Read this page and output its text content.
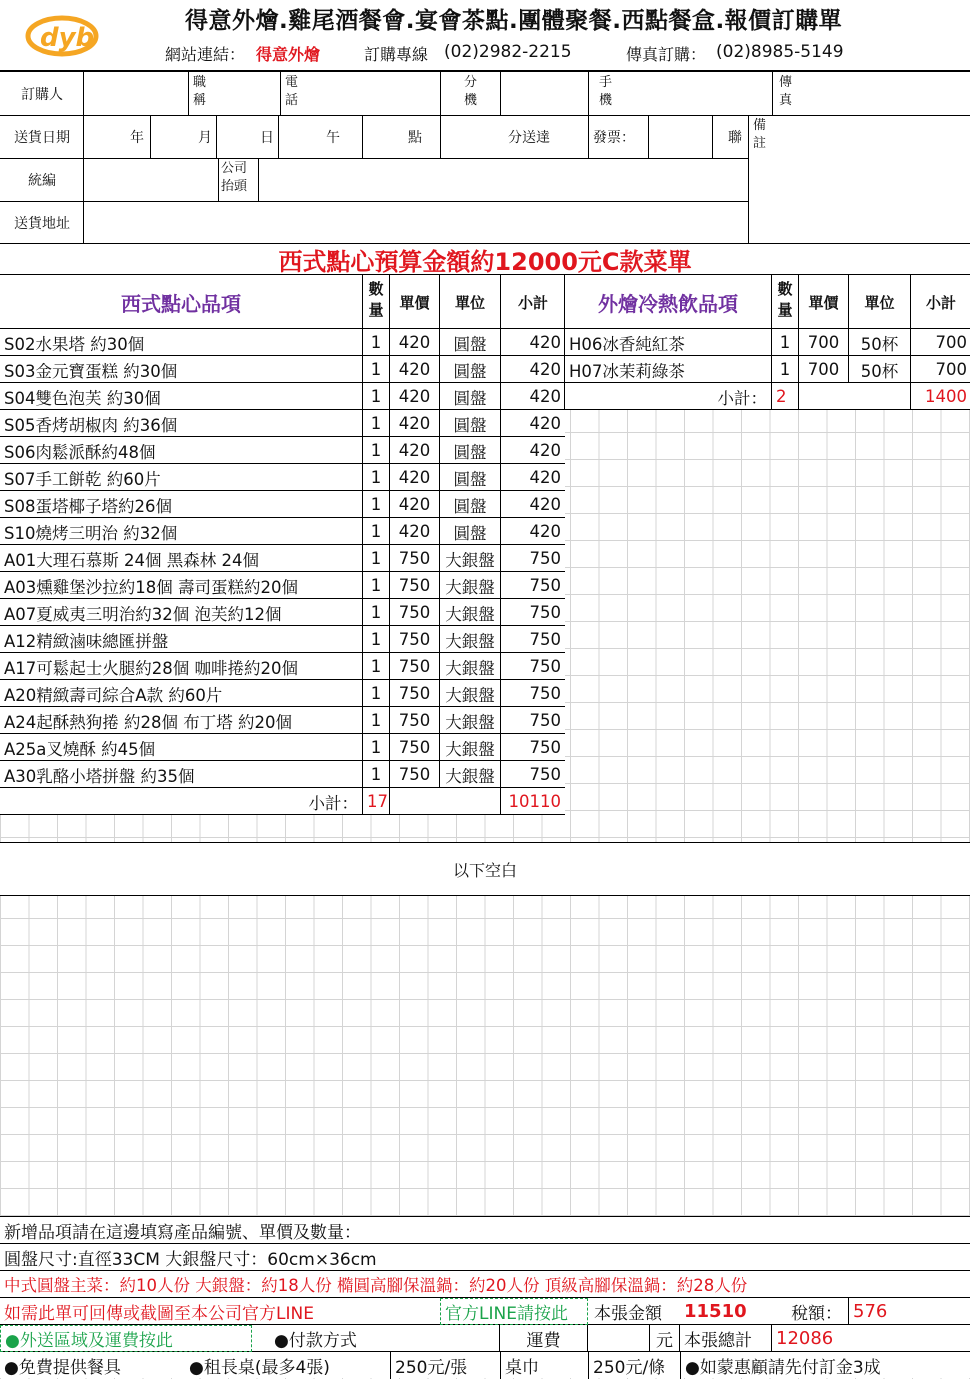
dyb
得意外燴.雞尾酒餐會.宴會茶點.團體聚餐.西點餐盒.報價訂購單
網站連結： 得意外燴	訂購專線 (02)2982-2215	傳真訂購： (02)8985-5149
訂購人
職
稱
電
話
分
機
手
機
傳
真
送貨日期	年	月	日	午	點	分送達	發票：	聯
備
註
統編
公司
抬頭
送貨地址
西式點心預算金額約12000元C款菜單
西式點心品項
數
量	單價	單位	小計
S02水果塔 約30個	1	420	圓盤	420
S03金元寶蛋糕 約30個	1	420	圓盤	420
S04雙色泡芙 約30個	1	420	圓盤	420
S05香烤胡椒肉 約36個	1	420	圓盤	420
S06肉鬆派酥約48個	1	420	圓盤	420
S07手工餅乾 約60片	1	420	圓盤	420
S08蛋塔椰子塔約26個	1	420	圓盤	420
S10燒烤三明治 約32個	1	420	圓盤	420
A01大理石慕斯 24個 黑森林 24個	1	750 大銀盤	750
A03燻雞堡沙拉約18個 壽司蛋糕約20個	1	750 大銀盤	750
A07夏威夷三明治約32個 泡芙約12個	1	750 大銀盤	750
A12精緻滷味總匯拼盤	1	750 大銀盤	750
A17可鬆起士火腿約28個 咖啡捲約20個	1	750 大銀盤	750
A20精緻壽司綜合A款 約60片	1	750 大銀盤	750
A24起酥熱狗捲 約28個 布丁塔 約20個	1	750 大銀盤	750
A25a叉燒酥 約45個	1	750 大銀盤	750
A30乳酪小塔拼盤 約35個	1	750 大銀盤	750
小計： 17	10110
外燴冷熱飲品項
數
量	單價	單位	小計
H06冰香純紅茶	1	700	50杯	700
H07冰茉莉綠茶	1	700	50杯	700
小計： 2	1400
以下空白
新增品項請在這邊填寫產品編號、單價及數量：
圓盤尺寸:直徑33CM 大銀盤尺寸：60cm×36cm
中式圓盤主菜：約10人份 大銀盤：約18人份 橢圓高腳保溫鍋：約20人份 頂級高腳保溫鍋：約28人份
如需此單可回傳或截圖至本公司官方LINE	官方LINE請按此	本張金額	11510	稅額： 576
●外送區域及運費按此	●付款方式	運費	元 本張總計	12086
●免費提供餐具	●租長桌(最多4張)	250元/張	桌巾	250元/條	●如蒙惠顧請先付訂金3成
